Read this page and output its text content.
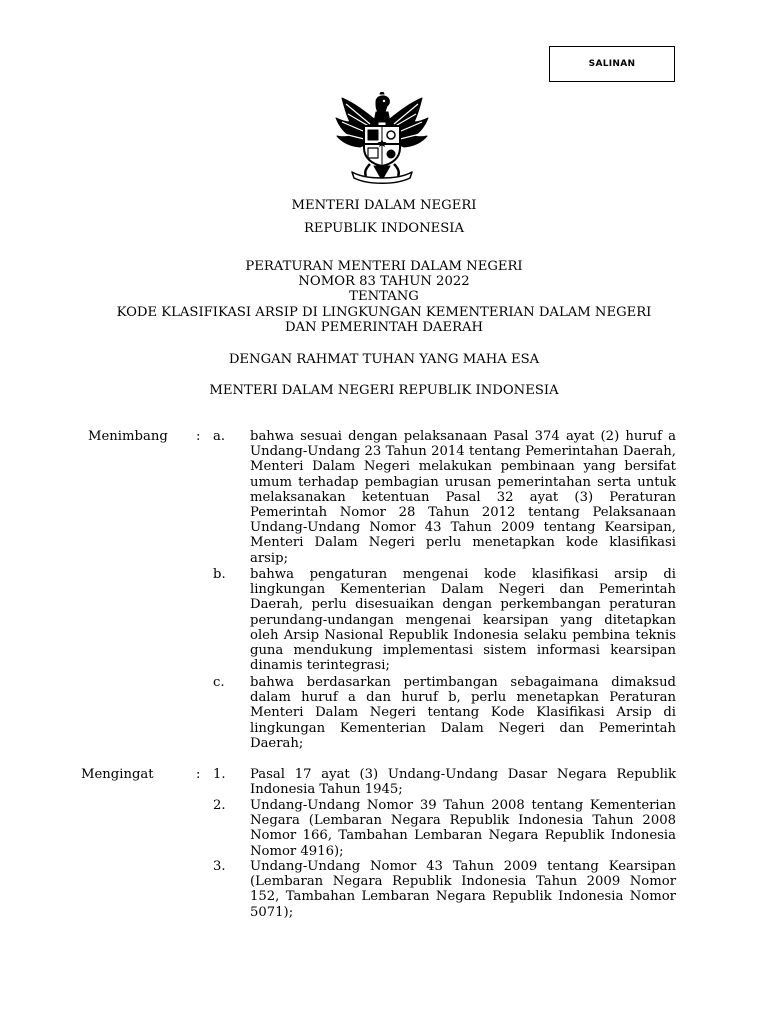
SALINAN
MENTERI DALAM NEGERI
REPUBLIK INDONESIA
PERATURAN MENTERI DALAM NEGERI
NOMOR 83 TAHUN 2022
TENTANG
KODE KLASIFIKASI ARSIP DI LINGKUNGAN KEMENTERIAN DALAM NEGERI
DAN PEMERINTAH DAERAH
DENGAN RAHMAT TUHAN YANG MAHA ESA
MENTERI DALAM NEGERI REPUBLIK INDONESIA
Menimbang : a. bahwa sesuai dengan pelaksanaan Pasal 374 ayat (2) huruf a Undang-Undang 23 Tahun 2014 tentang Pemerintahan Daerah, Menteri Dalam Negeri melakukan pembinaan yang bersifat umum terhadap pembagian urusan pemerintahan serta untuk melaksanakan ketentuan Pasal 32 ayat (3) Peraturan Pemerintah Nomor 28 Tahun 2012 tentang Pelaksanaan Undang-Undang Nomor 43 Tahun 2009 tentang Kearsipan, Menteri Dalam Negeri perlu menetapkan kode klasifikasi arsip;
b. bahwa pengaturan mengenai kode klasifikasi arsip di lingkungan Kementerian Dalam Negeri dan Pemerintah Daerah, perlu disesuaikan dengan perkembangan peraturan perundang-undangan mengenai kearsipan yang ditetapkan oleh Arsip Nasional Republik Indonesia selaku pembina teknis guna mendukung implementasi sistem informasi kearsipan dinamis terintegrasi;
c. bahwa berdasarkan pertimbangan sebagaimana dimaksud dalam huruf a dan huruf b, perlu menetapkan Peraturan Menteri Dalam Negeri tentang Kode Klasifikasi Arsip di lingkungan Kementerian Dalam Negeri dan Pemerintah Daerah;
Mengingat	: 1. Pasal 17 ayat (3) Undang-Undang Dasar Negara Republik Indonesia Tahun 1945;
2. Undang-Undang Nomor 39 Tahun 2008 tentang Kementerian Negara (Lembaran Negara Republik Indonesia Tahun 2008 Nomor 166, Tambahan Lembaran Negara Republik Indonesia Nomor 4916);
3. Undang-Undang Nomor 43 Tahun 2009 tentang Kearsipan (Lembaran Negara Republik Indonesia Tahun 2009 Nomor 152, Tambahan Lembaran Negara Republik Indonesia Nomor 5071);
